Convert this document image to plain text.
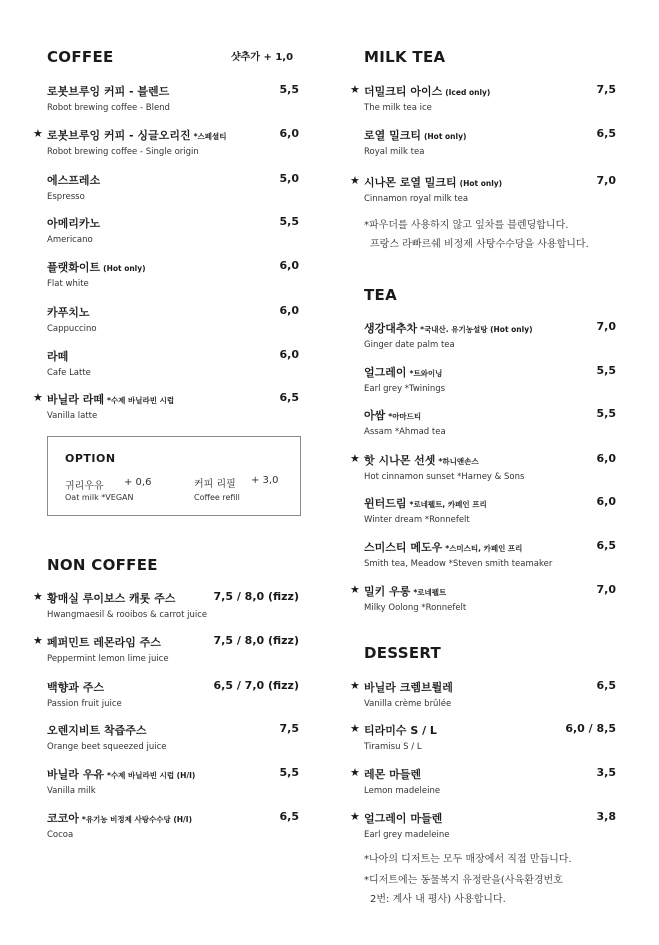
COFFEE	샷추가 + 1,0
로봇브루잉 커피 - 블렌드
Robot brewing coffee - Blend
5,5
★ 로봇브루잉 커피 - 싱글오리진 *스페셜티
Robot brewing coffee - Single origin
6,0
에스프레소
Espresso
5,0
아메리카노
Americano
5,5
플랫화이트 (Hot only)
Flat white
6,0
카푸치노
Cappuccino
6,0
라떼
Cafe Latte
6,0
★ 바닐라 라떼 *수제 바닐라빈 시럽
Vanilla latte
6,5
OPTION
귀리우유 + 0,6
Oat milk *VEGAN
커피 리필 + 3,0
Coffee refill
NON COFFEE
★ 황매실 루이보스 캐롯 주스
Hwangmaesil & rooibos & carrot juice
7,5 / 8,0 (fizz)
★ 페퍼민트 레몬라임 주스
Peppermint lemon lime juice
7,5 / 8,0 (fizz)
백향과 주스
Passion fruit juice
6,5 / 7,0 (fizz)
오렌지비트 착즙주스
Orange beet squeezed juice
7,5
바닐라 우유 *수제 바닐라빈 시럽 (H/I)
Vanilla milk
5,5
코코아 *유기농 비정제 사탕수수당 (H/I)
Cocoa
6,5
MILK TEA
★ 더밀크티 아이스 (Iced only)
The milk tea ice
7,5
로열 밀크티 (Hot only)
Royal milk tea
6,5
★ 시나몬 로열 밀크티 (Hot only)
Cinnamon royal milk tea
7,0
*파우더를 사용하지 않고 잎차를 블렌딩합니다.
프랑스 라빠르쉐 비정제 사탕수수당을 사용합니다.
TEA
생강대추차 *국내산. 유기농설탕 (Hot only)
Ginger date palm tea
7,0
얼그레이 *트와이닝
Earl grey *Twinings
5,5
아쌈 *아마드티
Assam *Ahmad tea
5,5
★ 핫 시나몬 선셋 *하니앤손스
Hot cinnamon sunset *Harney & Sons
6,0
윈터드림 *로네펠트, 카페인 프리
Winter dream *Ronnefelt
6,0
스미스티 메도우 *스미스티, 카페인 프리
Smith tea, Meadow *Steven smith teamaker
6,5
★ 밀키 우롱 *로네펠트
Milky Oolong *Ronnefelt
7,0
DESSERT
★ 바닐라 크렘브륄레
Vanilla crème brûlée
6,5
★ 티라미수 S / L
Tiramisu S / L
6,0 / 8,5
★ 레몬 마들렌
Lemon madeleine
3,5
★ 얼그레이 마들렌
Earl grey madeleine
3,8
*나아의 디저트는 모두 매장에서 직접 만듭니다.
*디저트에는 동물복지 유정란을(사육환경번호
2번: 계사 내 평사) 사용합니다.
